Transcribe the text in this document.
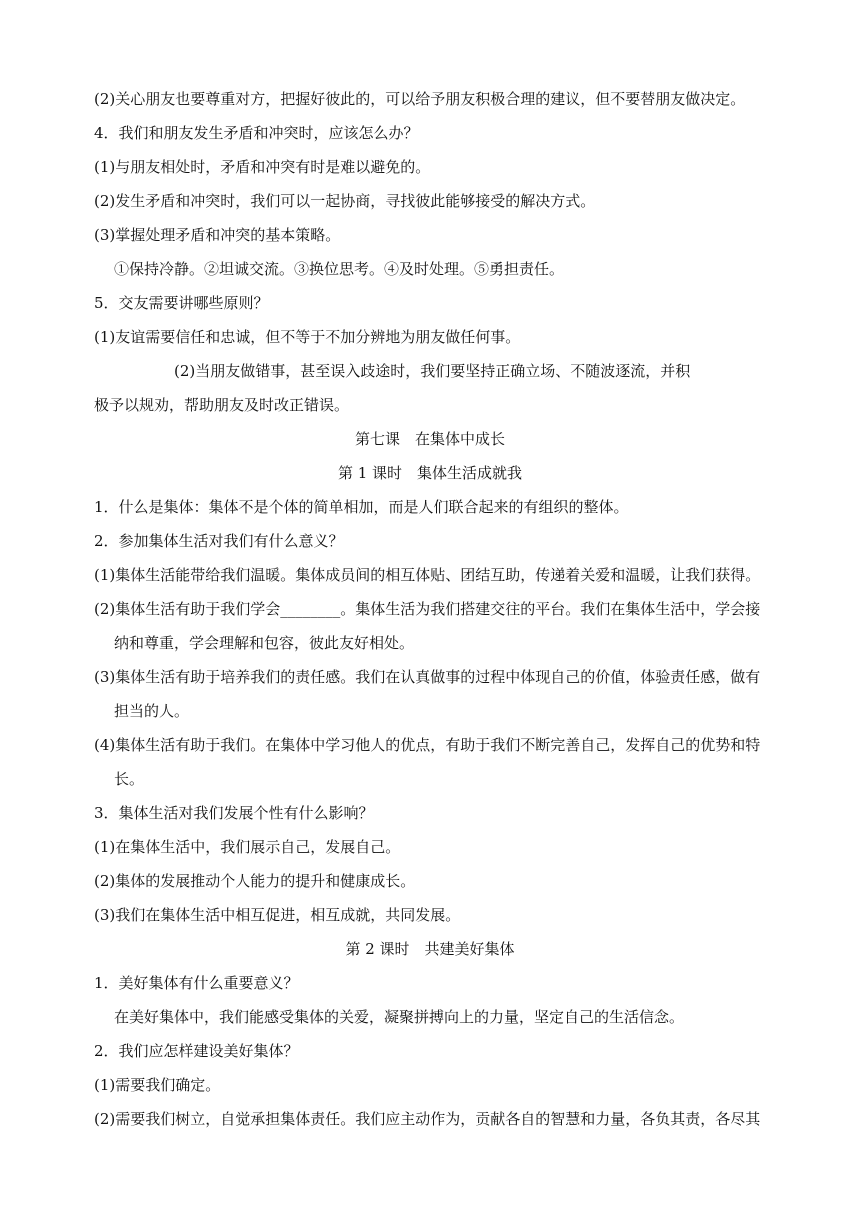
(2)关心朋友也要尊重对方，把握好彼此的，可以给予朋友积极合理的建议，但不要替朋友做决定。
4．我们和朋友发生矛盾和冲突时，应该怎么办？
(1)与朋友相处时，矛盾和冲突有时是难以避免的。
(2)发生矛盾和冲突时，我们可以一起协商，寻找彼此能够接受的解决方式。
(3)掌握处理矛盾和冲突的基本策略。
①保持冷静。②坦诚交流。③换位思考。④及时处理。⑤勇担责任。
5．交友需要讲哪些原则？
(1)友谊需要信任和忠诚，但不等于不加分辨地为朋友做任何事。
(2)当朋友做错事，甚至误入歧途时，我们要坚持正确立场、不随波逐流，并积
极予以规劝，帮助朋友及时改正错误。
第七课　在集体中成长
第 1 课时　集体生活成就我
1．什么是集体：集体不是个体的简单相加，而是人们联合起来的有组织的整体。
2．参加集体生活对我们有什么意义？
(1)集体生活能带给我们温暖。集体成员间的相互体贴、团结互助，传递着关爱和温暖，让我们获得。
(2)集体生活有助于我们学会________。集体生活为我们搭建交往的平台。我们在集体生活中，学会接
纳和尊重，学会理解和包容，彼此友好相处。
(3)集体生活有助于培养我们的责任感。我们在认真做事的过程中体现自己的价值，体验责任感，做有
担当的人。
(4)集体生活有助于我们。在集体中学习他人的优点，有助于我们不断完善自己，发挥自己的优势和特
长。
3．集体生活对我们发展个性有什么影响？
(1)在集体生活中，我们展示自己，发展自己。
(2)集体的发展推动个人能力的提升和健康成长。
(3)我们在集体生活中相互促进，相互成就，共同发展。
第 2 课时　共建美好集体
1．美好集体有什么重要意义？
在美好集体中，我们能感受集体的关爱，凝聚拼搏向上的力量，坚定自己的生活信念。
2．我们应怎样建设美好集体？
(1)需要我们确定。
(2)需要我们树立，自觉承担集体责任。我们应主动作为，贡献各自的智慧和力量，各负其责，各尽其
